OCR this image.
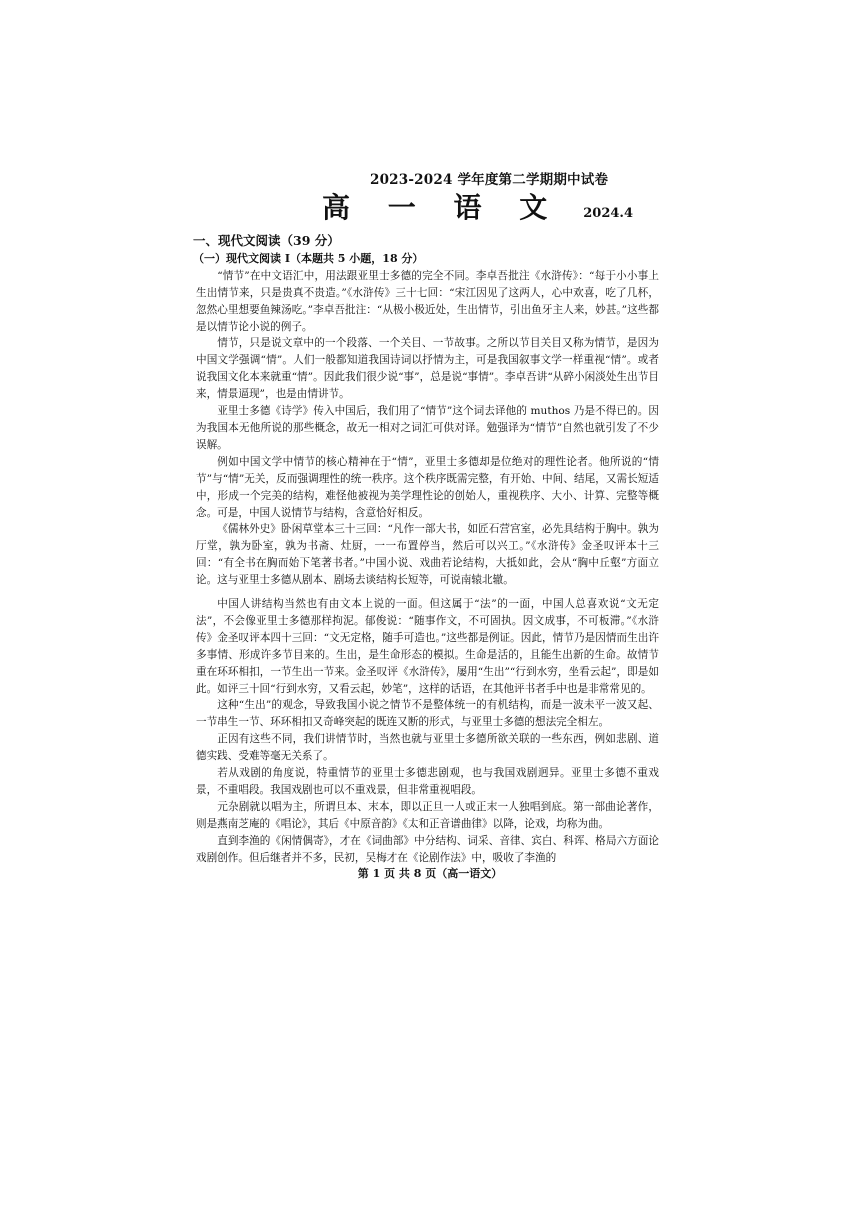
2023-2024 学年度第二学期期中试卷
高 一 语 文 2024.4
一、现代文阅读（39 分）
（一）现代文阅读 I（本题共 5 小题，18 分）

“情节”在中文语汇中，用法跟亚里士多德的完全不同。李卓吾批注《水浒传》：“每于小小事上生出情节来，只是贵真不贵造。”《水浒传》三十七回：“宋江因见了这两人，心中欢喜，吃了几杯，忽然心里想要鱼辣汤吃。”李卓吾批注：“从极小极近处，生出情节，引出鱼牙主人来，妙甚。”这些都是以情节论小说的例子。

情节，只是说文章中的一个段落、一个关目、一节故事。之所以节目关目又称为情节，是因为中国文学强调“情”。人们一般都知道我国诗词以抒情为主，可是我国叙事文学一样重视“情”。或者说我国文化本来就重“情”。因此我们很少说“事”，总是说“事情”。李卓吾讲“从碎小闲淡处生出节目来，情景逼现”，也是由情讲节。

亚里士多德《诗学》传入中国后，我们用了“情节”这个词去译他的 muthos 乃是不得已的。因为我国本无他所说的那些概念，故无一相对之词汇可供对译。勉强译为“情节”自然也就引发了不少误解。

例如中国文学中情节的核心精神在于“情”，亚里士多德却是位绝对的理性论者。他所说的“情节”与“情”无关，反而强调理性的统一秩序。这个秩序既需完整，有开始、中间、结尾，又需长短适中，形成一个完美的结构，难怪他被视为美学理性论的创始人，重视秩序、大小、计算、完整等概念。可是，中国人说情节与结构，含意恰好相反。

《儒林外史》卧闲草堂本三十三回：“凡作一部大书，如匠石营宫室，必先具结构于胸中。孰为厅堂，孰为卧室，孰为书斋、灶厨，一一布置停当，然后可以兴工。”《水浒传》金圣叹评本十三回：“有全书在胸而始下笔著书者。”中国小说、戏曲若论结构，大抵如此，会从“胸中丘壑”方面立论。这与亚里士多德从剧本、剧场去谈结构长短等，可说南辕北辙。

中国人讲结构当然也有由文本上说的一面。但这属于“法”的一面，中国人总喜欢说“文无定法”，不会像亚里士多德那样拘泥。郁俊说：“随事作文，不可固执。因文成事，不可板滞。”《水浒传》金圣叹评本四十三回：“文无定格，随手可造也。”这些都是例证。因此，情节乃是因情而生出许多事情、形成许多节目来的。生出，是生命形态的模拟。生命是活的，且能生出新的生命。故情节重在环环相扣，一节生出一节来。金圣叹评《水浒传》，屡用“生出”“行到水穷，坐看云起”，即是如此。如评三十回“行到水穷，又看云起，妙笔”，这样的话语，在其他评书者手中也是非常常见的。

这种“生出”的观念，导致我国小说之情节不是整体统一的有机结构，而是一波未平一波又起、一节串生一节、环环相扣又奇峰突起的既连又断的形式，与亚里士多德的想法完全相左。

正因有这些不同，我们讲情节时，当然也就与亚里士多德所欲关联的一些东西，例如悲剧、道德实践、受难等毫无关系了。

若从戏剧的角度说，特重情节的亚里士多德悲剧观，也与我国戏剧迥异。亚里士多德不重戏景，不重唱段。我国戏剧也可以不重戏景，但非常重视唱段。

元杂剧就以唱为主，所谓旦本、末本，即以正旦一人或正末一人独唱到底。第一部曲论著作，则是燕南芝庵的《唱论》，其后《中原音韵》《太和正音谱曲律》以降，论戏，均称为曲。

直到李渔的《闲情偶寄》，才在《词曲部》中分结构、词采、音律、宾白、科诨、格局六方面论戏剧创作。但后继者并不多，民初，吴梅才在《论剧作法》中，吸收了李渔的

第 1 页 共 8 页（高一语文）
